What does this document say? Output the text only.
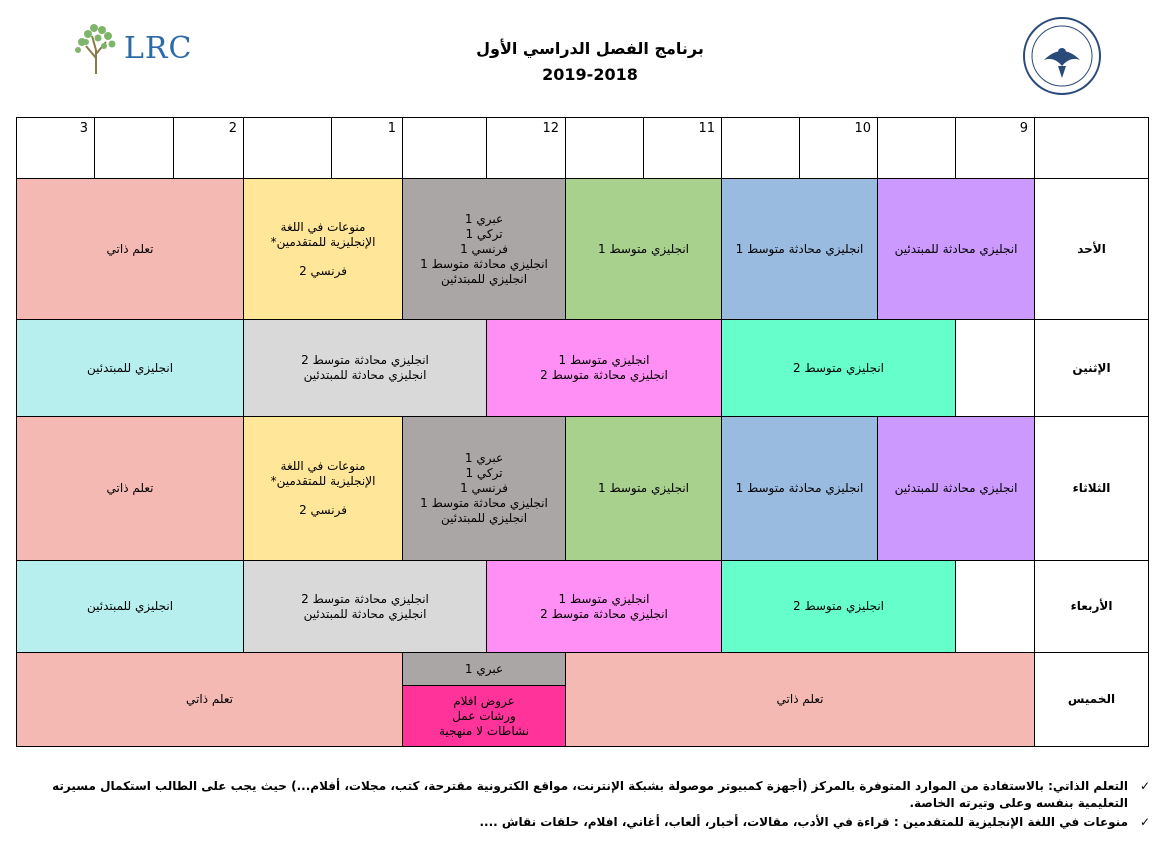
LRC	برنامج الفصل الدراسي الأول
2019-2018
9
10
11
12
1
2
3
الأحد
انجليزي محادثة للمبتدئين
انجليزي محادثة متوسط 1
انجليزي متوسط 1
عبري 1
تركي 1
فرنسي 1
انجليزي محادثة متوسط 1
انجليزي للمبتدئين
منوعات في اللغة
الإنجليزية للمتقدمين*
فرنسي 2
تعلم ذاتي
الإثنين
انجليزي متوسط 2
انجليزي متوسط 1
انجليزي محادثة متوسط 2
انجليزي محادثة متوسط 2
انجليزي محادثة للمبتدئين
انجليزي للمبتدئين
الثلاثاء
انجليزي محادثة للمبتدئين
انجليزي محادثة متوسط 1
انجليزي متوسط 1
عبري 1
تركي 1
فرنسي 1
انجليزي محادثة متوسط 1
انجليزي للمبتدئين
منوعات في اللغة
الإنجليزية للمتقدمين*
فرنسي 2
تعلم ذاتي
الأربعاء
انجليزي متوسط 2
انجليزي متوسط 1
انجليزي محادثة متوسط 2
انجليزي محادثة متوسط 2
انجليزي محادثة للمبتدئين
انجليزي للمبتدئين
الخميس
تعلم ذاتي
عبري 1
عروض افلام
ورشات عمل
نشاطات لا منهجية
تعلم ذاتي
✓
التعلم الذاتي: بالاستفادة من الموارد المتوفرة بالمركز (أجهزة كمبيوتر موصولة بشبكة الإنترنت، مواقع الكترونية مقترحة، كتب، مجلات، أفلام...) حيث يجب على الطالب استكمال مسيرته التعليمية بنفسه وعلى وتيرته الخاصة.
✓
منوعات في اللغة الإنجليزية للمتقدمين : قراءة في الأدب، مقالات، أخبار، ألعاب، أغاني، افلام، حلقات نقاش ....
